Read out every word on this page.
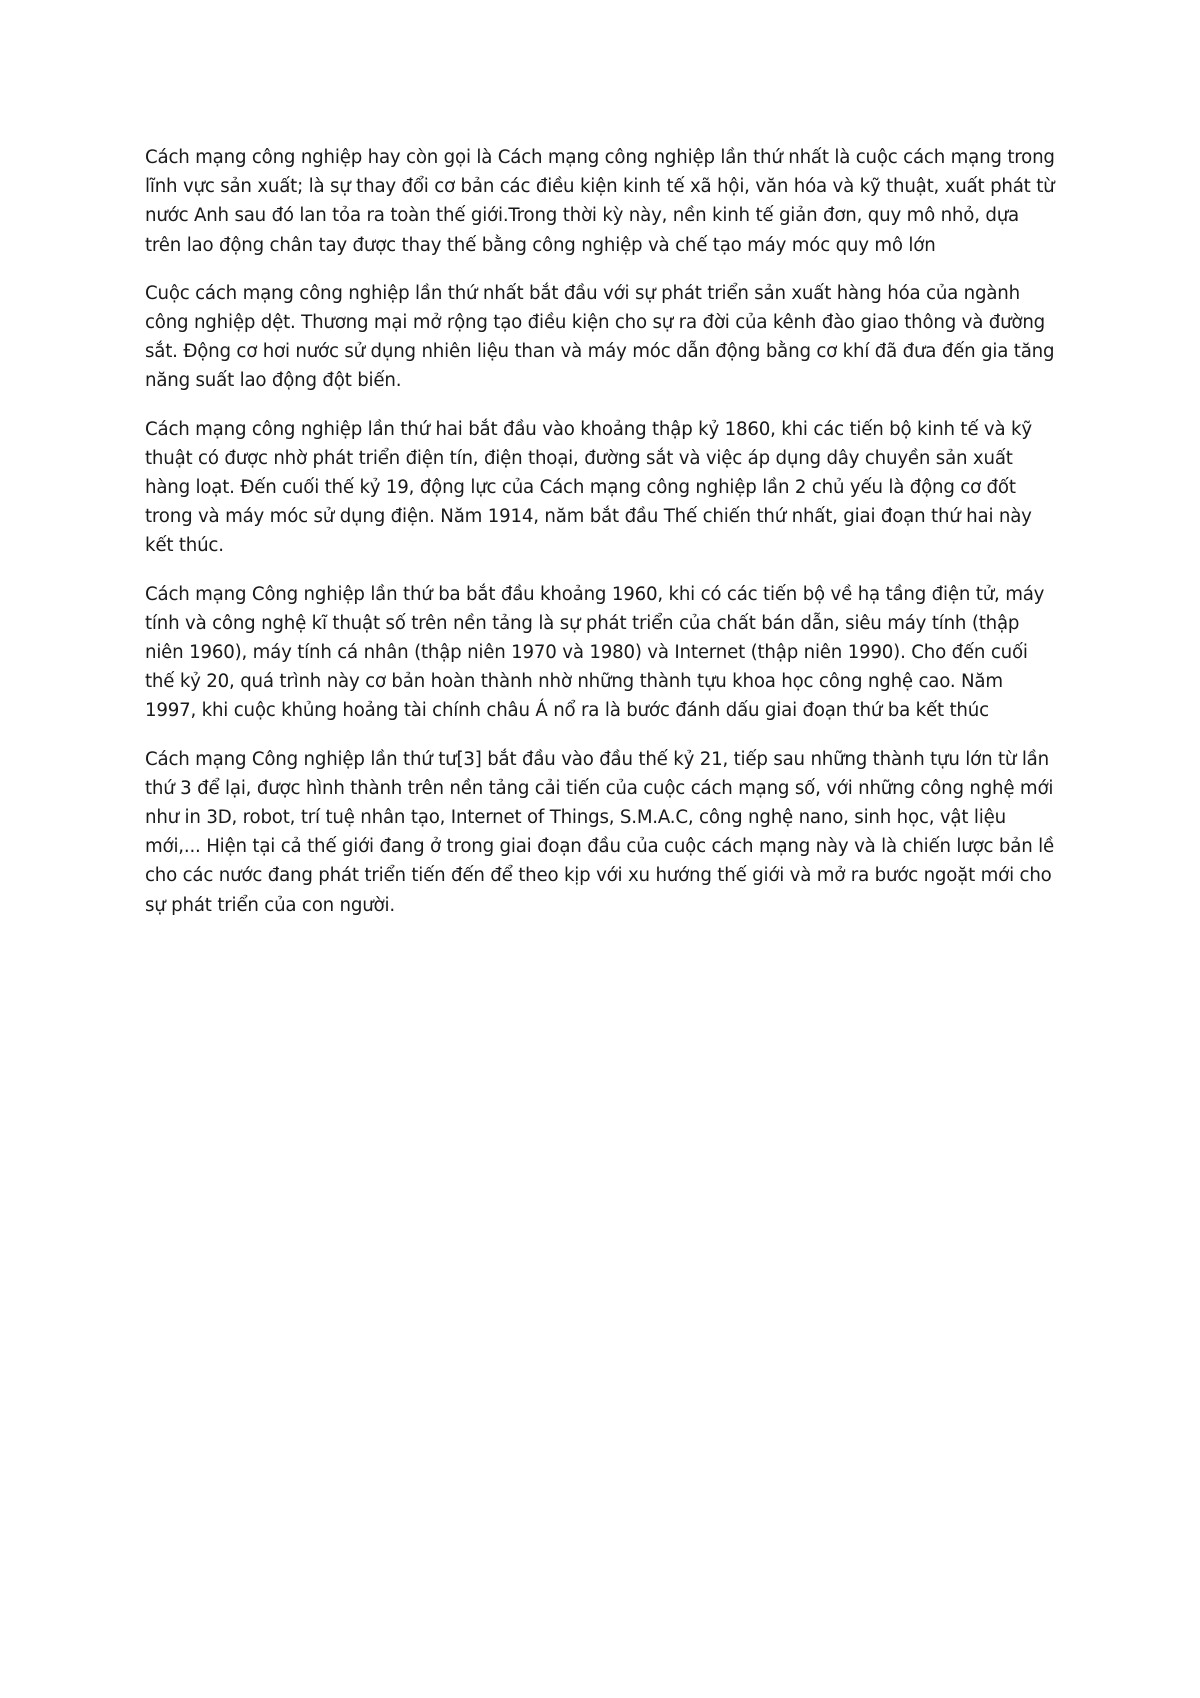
Cách mạng công nghiệp hay còn gọi là Cách mạng công nghiệp lần thứ nhất là cuộc cách mạng trong lĩnh vực sản xuất; là sự thay đổi cơ bản các điều kiện kinh tế xã hội, văn hóa và kỹ thuật, xuất phát từ nước Anh sau đó lan tỏa ra toàn thế giới.Trong thời kỳ này, nền kinh tế giản đơn, quy mô nhỏ, dựa trên lao động chân tay được thay thế bằng công nghiệp và chế tạo máy móc quy mô lớn

Cuộc cách mạng công nghiệp lần thứ nhất bắt đầu với sự phát triển sản xuất hàng hóa của ngành công nghiệp dệt. Thương mại mở rộng tạo điều kiện cho sự ra đời của kênh đào giao thông và đường sắt. Động cơ hơi nước sử dụng nhiên liệu than và máy móc dẫn động bằng cơ khí đã đưa đến gia tăng năng suất lao động đột biến.

Cách mạng công nghiệp lần thứ hai bắt đầu vào khoảng thập kỷ 1860, khi các tiến bộ kinh tế và kỹ thuật có được nhờ phát triển điện tín, điện thoại, đường sắt và việc áp dụng dây chuyền sản xuất hàng loạt. Đến cuối thế kỷ 19, động lực của Cách mạng công nghiệp lần 2 chủ yếu là động cơ đốt trong và máy móc sử dụng điện. Năm 1914, năm bắt đầu Thế chiến thứ nhất, giai đoạn thứ hai này kết thúc.

Cách mạng Công nghiệp lần thứ ba bắt đầu khoảng 1960, khi có các tiến bộ về hạ tầng điện tử, máy tính và công nghệ kĩ thuật số trên nền tảng là sự phát triển của chất bán dẫn, siêu máy tính (thập niên 1960), máy tính cá nhân (thập niên 1970 và 1980) và Internet (thập niên 1990). Cho đến cuối thế kỷ 20, quá trình này cơ bản hoàn thành nhờ những thành tựu khoa học công nghệ cao. Năm 1997, khi cuộc khủng hoảng tài chính châu Á nổ ra là bước đánh dấu giai đoạn thứ ba kết thúc

Cách mạng Công nghiệp lần thứ tư[3] bắt đầu vào đầu thế kỷ 21, tiếp sau những thành tựu lớn từ lần thứ 3 để lại, được hình thành trên nền tảng cải tiến của cuộc cách mạng số, với những công nghệ mới như in 3D, robot, trí tuệ nhân tạo, Internet of Things, S.M.A.C, công nghệ nano, sinh học, vật liệu mới,... Hiện tại cả thế giới đang ở trong giai đoạn đầu của cuộc cách mạng này và là chiến lược bản lề cho các nước đang phát triển tiến đến để theo kịp với xu hướng thế giới và mở ra bước ngoặt mới cho sự phát triển của con người.
